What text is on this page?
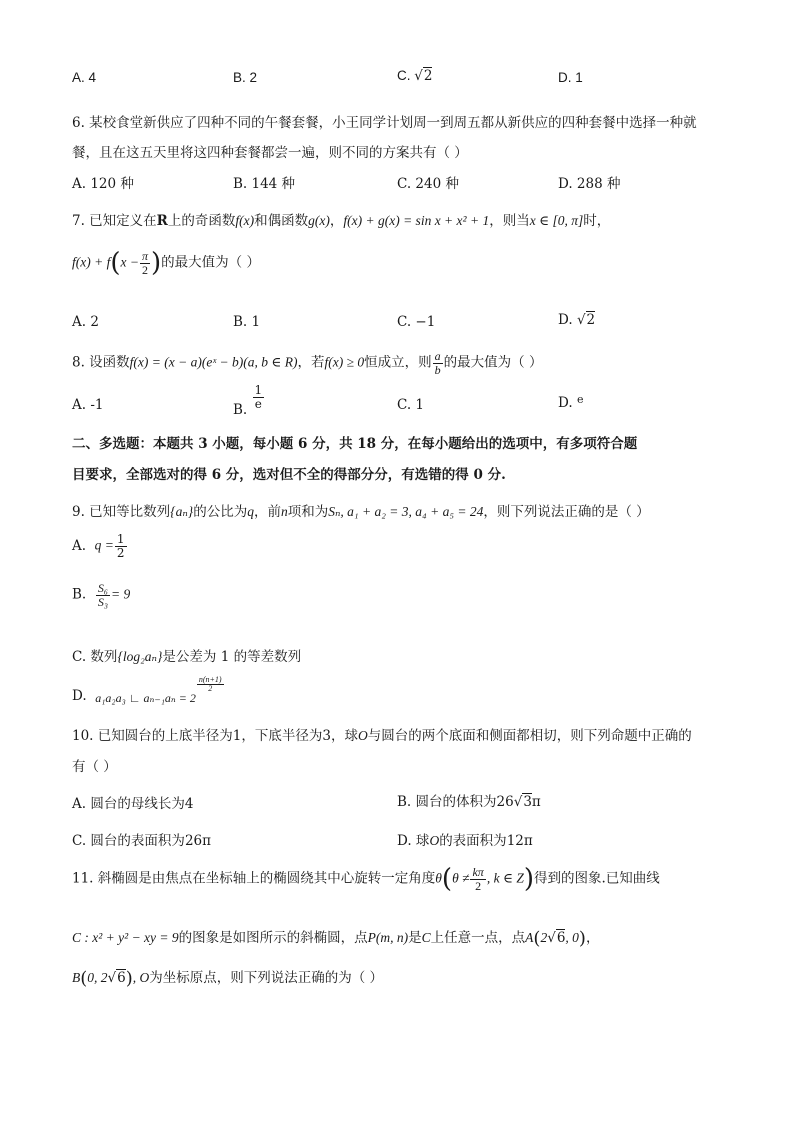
A. 4	B. 2	C. √2	D. 1
6. 某校食堂新供应了四种不同的午餐套餐，小王同学计划周一到周五都从新供应的四种套餐中选择一种就
餐，且在这五天里将这四种套餐都尝一遍，则不同的方案共有（ ）
A. 120 种	B. 144 种	C. 240 种	D. 288 种
7. 已知定义在R上的奇函数f(x)和偶函数g(x)，f(x) + g(x) = sin x + x² + 1，则当x ∈ [0, π]时，
$f(x) + f(x - \frac{\pi}{2}$ )的最大值为（ ）
A. 2	B. 1	C. −1	D. √2
8. 设函数f(x) = (x − a)(eˣ − b)(a, b ∈ R)，若f(x) ≥ 0恒成立，则 $\frac{a}{b}$ 的最大值为（ ）
A. -1	B. $\frac{1}{e}$	C. 1	D. $^e$
二、多选题：本题共 3 小题，每小题 6 分，共 18 分，在每小题给出的选项中，有多项符合题
目要求，全部选对的得 6 分，选对但不全的得部分分，有选错的得 0 分.
9. 已知等比数列{aₙ}的公比为q，前n项和为Sₙ, a₁ + a₂ = 3, a₄ + a₅ = 24，则下列说法正确的是（ ）
A. $q = \frac{1}{2}$
B. $\frac{\text{S₆}}{\text{S₃}} = 9$
C. 数列{log₂aₙ}是公差为 1 的等差数列
D. a₁a₂a₃ ∟ aₙ₋₁aₙ = 2
$\frac{n(n+1)}{2}$
10. 已知圆台的上底半径为1，下底半径为3，球O与圆台的两个底面和侧面都相切，则下列命题中正确的
有（ ）
A. 圆台的母线长为4	B. 圆台的体积为26√3π
C. 圆台的表面积为26π	D. 球O的表面积为12π
11. 斜椭圆是由焦点在坐标轴上的椭圆绕其中心旋转一定角度$\theta(\theta \ne \frac{k\pi}{2}$ , k ∈ Z)得到的图象.已知曲线
C : x² + y² − xy = 9的图象是如图所示的斜椭圆，点P(m, n)是C上任意一点，点A(2√6, 0)，
B(0, 2√6), O为坐标原点，则下列说法正确的为（ ）
